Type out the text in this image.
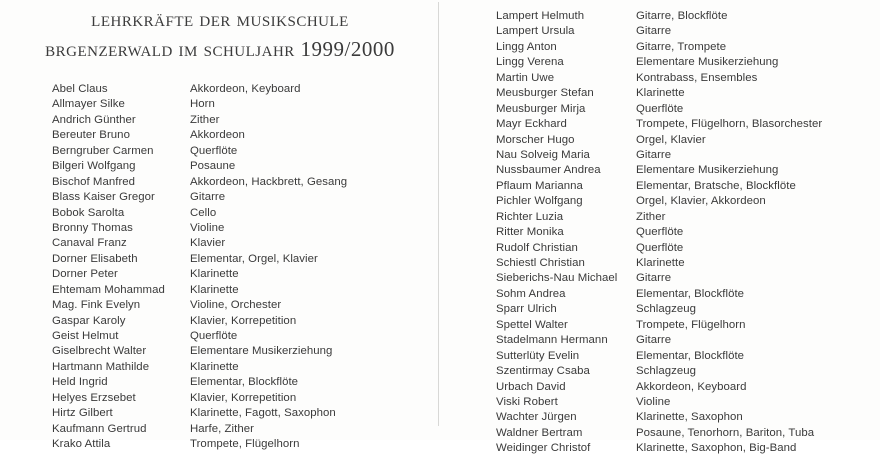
lehrkräfte der musikschule
brgenzerwald im schuljahr 1999/2000
Abel Claus	Akkordeon, Keyboard
Allmayer Silke	Horn
Andrich Günther	Zither
Bereuter Bruno	Akkordeon
Berngruber Carmen	Querflöte
Bilgeri Wolfgang	Posaune
Bischof Manfred	Akkordeon, Hackbrett, Gesang
Blass Kaiser Gregor	Gitarre
Bobok Sarolta	Cello
Bronny Thomas	Violine
Canaval Franz	Klavier
Dorner Elisabeth	Elementar, Orgel, Klavier
Dorner Peter	Klarinette
Ehtemam Mohammad	Klarinette
Mag. Fink Evelyn	Violine, Orchester
Gaspar Karoly	Klavier, Korrepetition
Geist Helmut	Querflöte
Giselbrecht Walter	Elementare Musikerziehung
Hartmann Mathilde	Klarinette
Held Ingrid	Elementar, Blockflöte
Helyes Erzsebet	Klavier, Korrepetition
Hirtz Gilbert	Klarinette, Fagott, Saxophon
Kaufmann Gertrud	Harfe, Zither
Krako Attila	Trompete, Flügelhorn
Lampert Helmuth	Gitarre, Blockflöte
Lampert Ursula	Gitarre
Lingg Anton	Gitarre, Trompete
Lingg Verena	Elementare Musikerziehung
Martin Uwe	Kontrabass, Ensembles
Meusburger Stefan	Klarinette
Meusburger Mirja	Querflöte
Mayr Eckhard	Trompete, Flügelhorn, Blasorchester
Morscher Hugo	Orgel, Klavier
Nau Solveig Maria	Gitarre
Nussbaumer Andrea	Elementare Musikerziehung
Pflaum Marianna	Elementar, Bratsche, Blockflöte
Pichler Wolfgang	Orgel, Klavier, Akkordeon
Richter Luzia	Zither
Ritter Monika	Querflöte
Rudolf Christian	Querflöte
Schiestl Christian	Klarinette
Sieberichs-Nau Michael	Gitarre
Sohm Andrea	Elementar, Blockflöte
Sparr Ulrich	Schlagzeug
Spettel Walter	Trompete, Flügelhorn
Stadelmann Hermann	Gitarre
Sutterlüty Evelin	Elementar, Blockflöte
Szentirmay Csaba	Schlagzeug
Urbach David	Akkordeon, Keyboard
Viski Robert	Violine
Wachter Jürgen	Klarinette, Saxophon
Waldner Bertram	Posaune, Tenorhorn, Bariton, Tuba
Weidinger Christof	Klarinette, Saxophon, Big-Band
